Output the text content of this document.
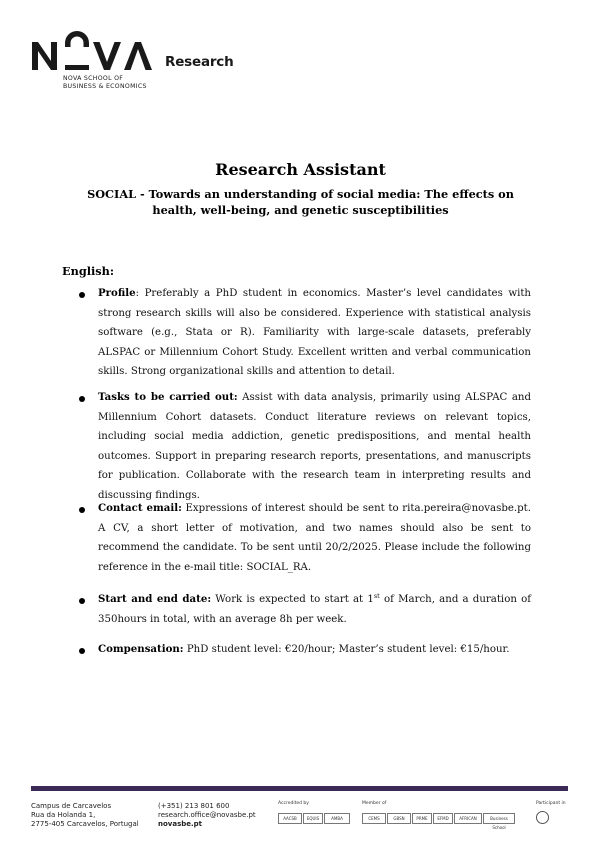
Research
NOVA SCHOOL OF
BUSINESS & ECONOMICS
Research Assistant
SOCIAL - Towards an understanding of social media: The effects on
health, well-being, and genetic susceptibilities
English:
Profile: Preferably a PhD student in economics. Master’s level candidates with strong research skills will also be considered. Experience with statistical analysis software (e.g., Stata or R). Familiarity with large-scale datasets, preferably ALSPAC or Millennium Cohort Study. Excellent written and verbal communication skills. Strong organizational skills and attention to detail.
Tasks to be carried out: Assist with data analysis, primarily using ALSPAC and Millennium Cohort datasets. Conduct literature reviews on relevant topics, including social media addiction, genetic predispositions, and mental health outcomes. Support in preparing research reports, presentations, and manuscripts for publication. Collaborate with the research team in interpreting results and discussing findings.
Contact email: Expressions of interest should be sent to rita.pereira@novasbe.pt. A CV, a short letter of motivation, and two names should also be sent to recommend the candidate. To be sent until 20/2/2025. Please include the following reference in the e-mail title: SOCIAL_RA.
Start and end date: Work is expected to start at 1st of March, and a duration of 350hours in total, with an average 8h per week.
Compensation: PhD student level: €20/hour; Master’s student level: €15/hour.
Campus de Carcavelos
Rua da Holanda 1,
2775-405 Carcavelos, Portugal
(+351) 213 801 600
research.office@novasbe.pt
novasbe.pt
Accredited by
AACSB	EQUIS	AMBA
Member of
CEMS	GBSN	PRME	EFMD	AFRICAN	Business School
Participant in
